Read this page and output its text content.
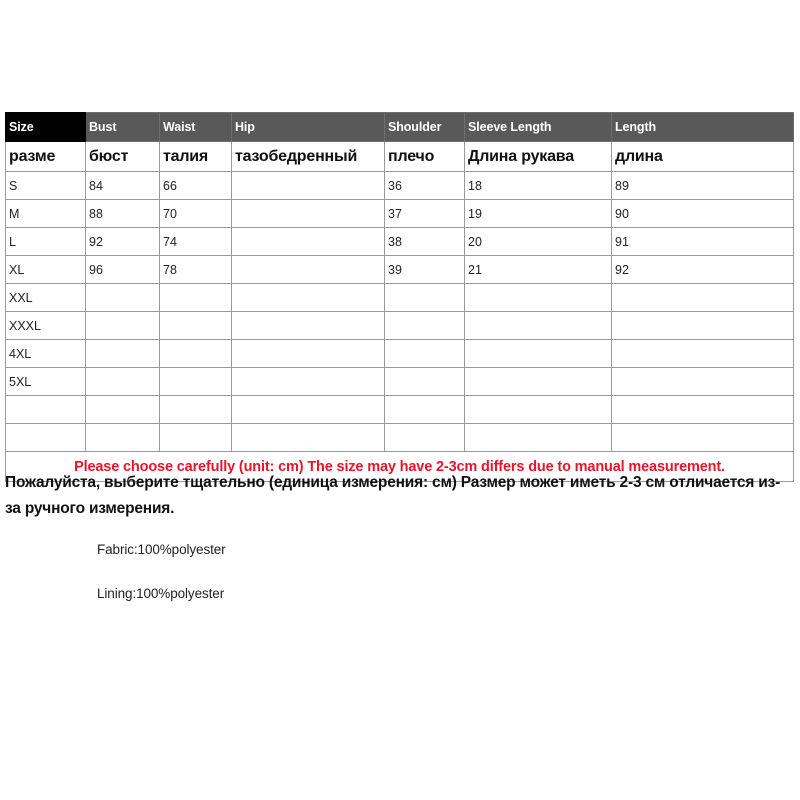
Size	Bust	Waist	Hip	Shoulder	Sleeve Length	Length
размe	бюст	талия	тазобедренный	плечо	Длина рукава	длина
S	84	66		36	18	89
M	88	70		37	19	90
L	92	74		38	20	91
XL	96	78		39	21	92
XXL						
XXXL						
4XL						
5XL						

Please choose carefully (unit: cm) The size may have 2-3cm differs due to manual measurement.						
Пожалуйста, выберите тщательно (единица измерения: см) Размер может иметь 2-3 см отличается из-за ручного измерения.
Fabric:100%polyester
Lining:100%polyester
